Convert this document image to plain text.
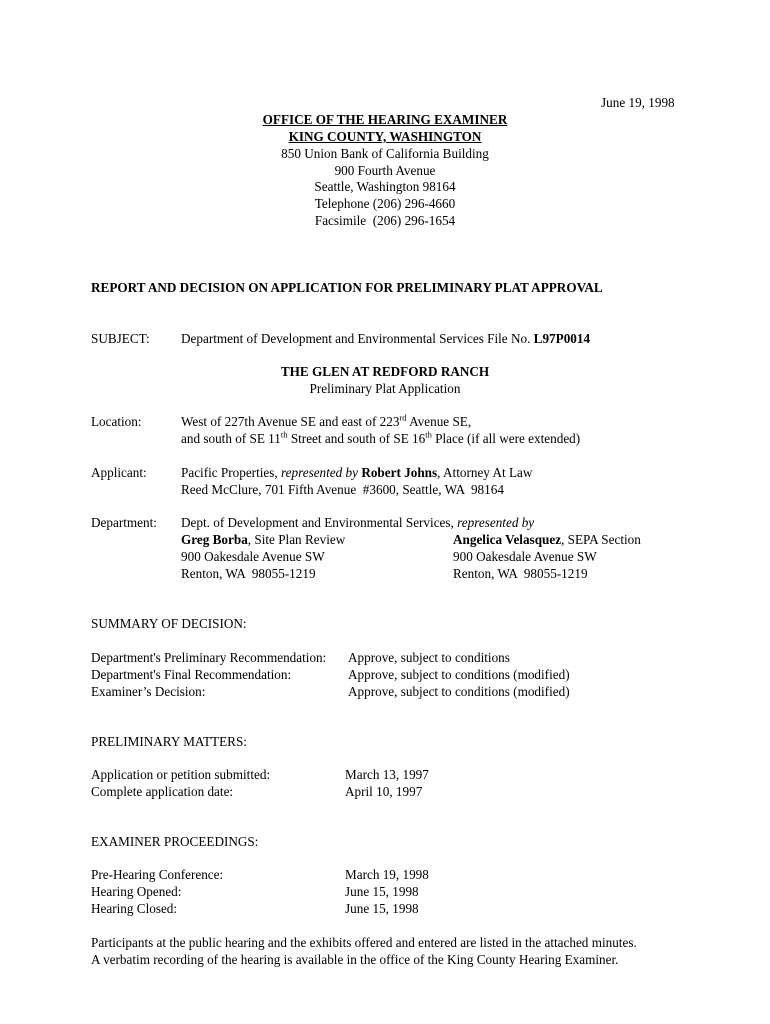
June 19, 1998
OFFICE OF THE HEARING EXAMINER
KING COUNTY, WASHINGTON
850 Union Bank of California Building
900 Fourth Avenue
Seattle, Washington 98164
Telephone (206) 296-4660
Facsimile  (206) 296-1654
REPORT AND DECISION ON APPLICATION FOR PRELIMINARY PLAT APPROVAL
SUBJECT: Department of Development and Environmental Services File No. L97P0014
THE GLEN AT REDFORD RANCH
Preliminary Plat Application
Location:	West of 227th Avenue SE and east of 223rd Avenue SE,
and south of SE 11th Street and south of SE 16th Place (if all were extended)
Applicant:	Pacific Properties, represented by Robert Johns, Attorney At Law
Reed McClure, 701 Fifth Avenue  #3600, Seattle, WA  98164
Department: Dept. of Development and Environmental Services, represented by
Greg Borba, Site Plan Review
900 Oakesdale Avenue SW
Renton, WA  98055-1219
Angelica Velasquez, SEPA Section
900 Oakesdale Avenue SW
Renton, WA  98055-1219
SUMMARY OF DECISION:
Department's Preliminary Recommendation: Approve, subject to conditions
Department's Final Recommendation:	Approve, subject to conditions (modified)
Examiner’s Decision:	Approve, subject to conditions (modified)
PRELIMINARY MATTERS:
Application or petition submitted:	March 13, 1997
Complete application date:	April 10, 1997
EXAMINER PROCEEDINGS:
Pre-Hearing Conference:	March 19, 1998
Hearing Opened:	June 15, 1998
Hearing Closed:	June 15, 1998
Participants at the public hearing and the exhibits offered and entered are listed in the attached minutes.
A verbatim recording of the hearing is available in the office of the King County Hearing Examiner.
